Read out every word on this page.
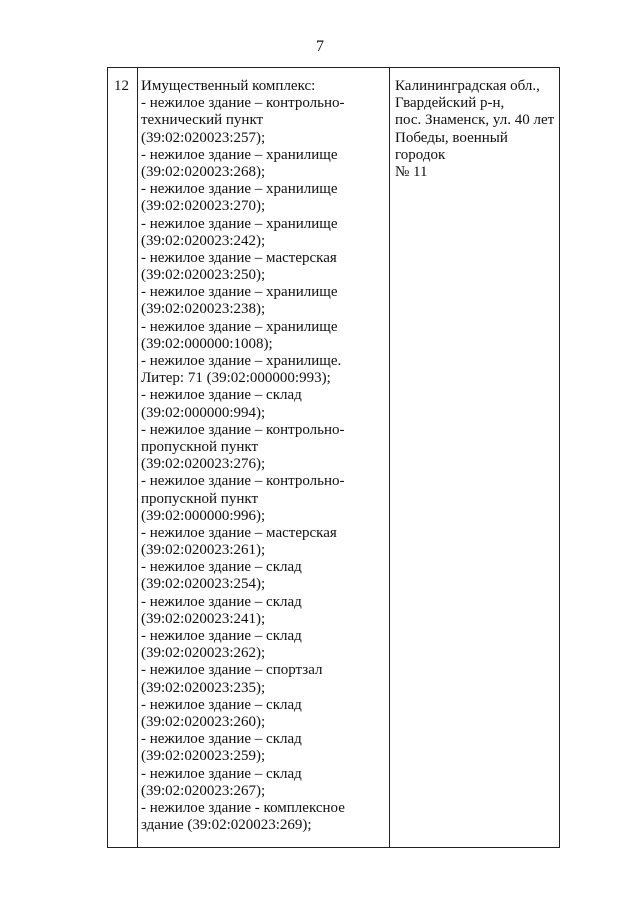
7
12 Имущественный комплекс:
- нежилое здание – контрольно-
технический пункт
(39:02:020023:257);
- нежилое здание – хранилище
(39:02:020023:268);
- нежилое здание – хранилище
(39:02:020023:270);
- нежилое здание – хранилище
(39:02:020023:242);
- нежилое здание – мастерская
(39:02:020023:250);
- нежилое здание – хранилище
(39:02:020023:238);
- нежилое здание – хранилище
(39:02:000000:1008);
- нежилое здание – хранилище.
Литер: 71 (39:02:000000:993);
- нежилое здание – склад
(39:02:000000:994);
- нежилое здание – контрольно-
пропускной пункт
(39:02:020023:276);
- нежилое здание – контрольно-
пропускной пункт
(39:02:000000:996);
- нежилое здание – мастерская
(39:02:020023:261);
- нежилое здание – склад
(39:02:020023:254);
- нежилое здание – склад
(39:02:020023:241);
- нежилое здание – склад
(39:02:020023:262);
- нежилое здание – спортзал
(39:02:020023:235);
- нежилое здание – склад
(39:02:020023:260);
- нежилое здание – склад
(39:02:020023:259);
- нежилое здание – склад
(39:02:020023:267);
- нежилое здание - комплексное
здание (39:02:020023:269);
Калининградская обл.,
Гвардейский р-н,
пос. Знаменск, ул. 40 лет
Победы, военный
городок
№ 11
